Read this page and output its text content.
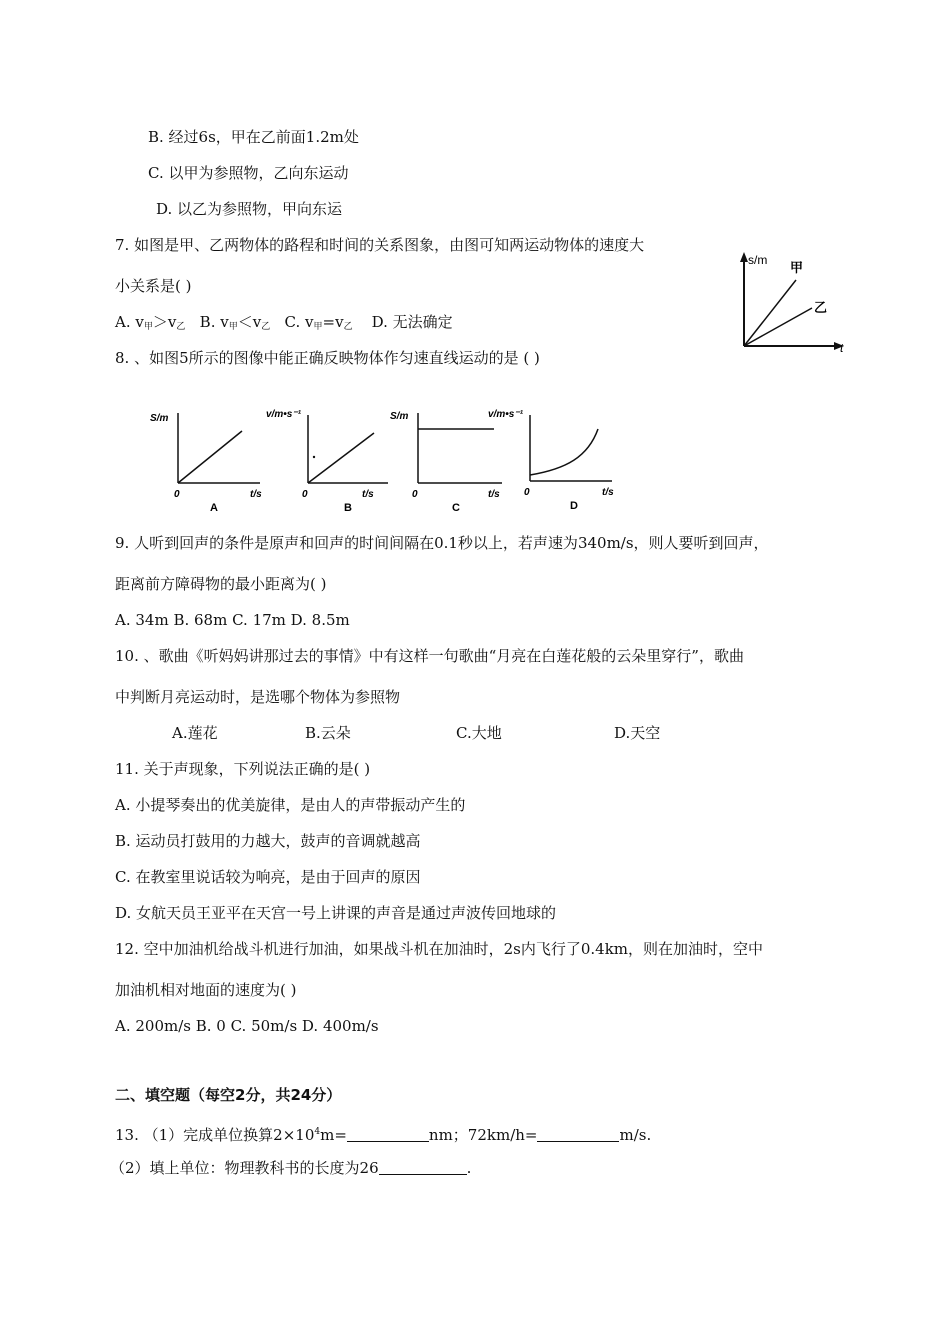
B. 经过6s，甲在乙前面1.2m处
C. 以甲为参照物，乙向东运动
D. 以乙为参照物，甲向东运
7. 如图是甲、乙两物体的路程和时间的关系图象，由图可知两运动物体的速度大
小关系是( )
A. $v_甲>v_乙$ B. $v_甲<v_乙$ C. $v_甲=v_乙$ D. 无法确定
s/m
t
甲
乙
8. 、如图5所示的图像中能正确反映物体作匀速直线运动的是 ( )
S/m
t/s
0
A
v/m•s⁻¹
t/s
0
B
S/m
t/s
0
C
v/m•s⁻¹
t/s
0
D
9. 人听到回声的条件是原声和回声的时间间隔在0.1秒以上，若声速为340m/s，则人要听到回声，
距离前方障碍物的最小距离为( )
A. 34m B. 68m C. 17m D. 8.5m
10. 、歌曲《听妈妈讲那过去的事情》中有这样一句歌曲“月亮在白莲花般的云朵里穿行”，歌曲
中判断月亮运动时，是选哪个物体为参照物
A.莲花	B.云朵	C.大地	D.天空
11. 关于声现象，下列说法正确的是( )
A. 小提琴奏出的优美旋律，是由人的声带振动产生的
B. 运动员打鼓用的力越大，鼓声的音调就越高
C. 在教室里说话较为响亮，是由于回声的原因
D. 女航天员王亚平在天宫一号上讲课的声音是通过声波传回地球的
12. 空中加油机给战斗机进行加油，如果战斗机在加油时，2s内飞行了0.4km，则在加油时，空中
加油机相对地面的速度为( )
A. 200m/s B. 0 C. 50m/s D. 400m/s
二、填空题（每空2分，共24分）
13. （1）完成单位换算$2\times 10^4m=$	nm；72km/h=	m/s.
（2）填上单位：物理教科书的长度为26	.
